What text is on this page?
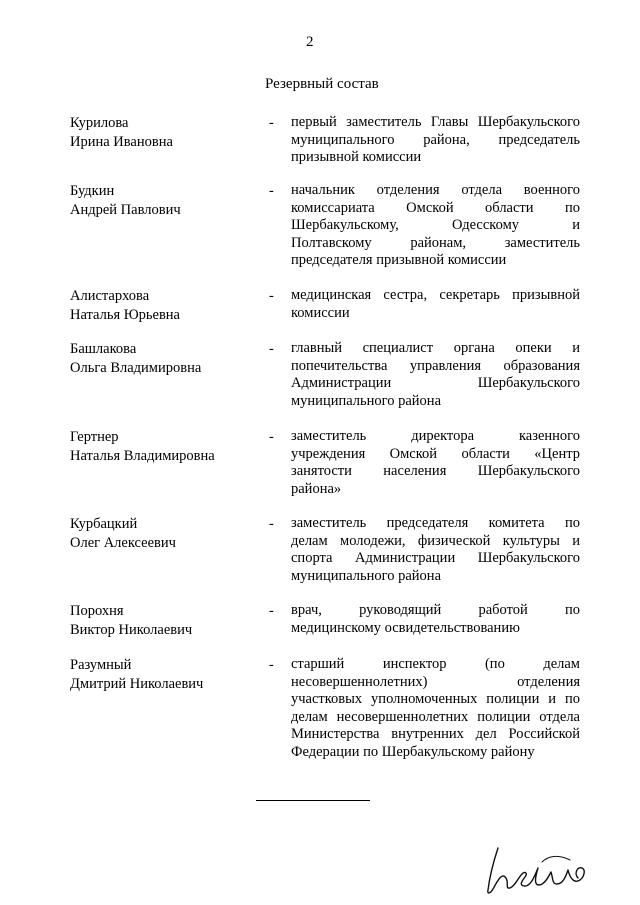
2
Резервный состав
Курилова
Ирина Ивановна
- первый заместитель Главы Шербакульского
муниципального района, председатель
призывной комиссии
Будкин
Андрей Павлович
- начальник отделения отдела военного
комиссариата Омской области по
Шербакульскому, Одесскому и
Полтавскому районам, заместитель
председателя призывной комиссии
Алистархова
Наталья Юрьевна
- медицинская сестра, секретарь призывной
комиссии
Башлакова
Ольга Владимировна
- главный специалист органа опеки и
попечительства управления образования
Администрации Шербакульского
муниципального района
Гертнер
Наталья Владимировна
- заместитель директора казенного
учреждения Омской области «Центр
занятости населения Шербакульского
района»
Курбацкий
Олег Алексеевич
- заместитель председателя комитета по
делам молодежи, физической культуры и
спорта Администрации Шербакульского
муниципального района
Порохня
Виктор Николаевич
- врач, руководящий работой по
медицинскому освидетельствованию
Разумный
Дмитрий Николаевич
- старший инспектор (по делам
несовершеннолетних) отделения
участковых уполномоченных полиции и по
делам несовершеннолетних полиции отдела
Министерства внутренних дел Российской
Федерации по Шербакульскому району
